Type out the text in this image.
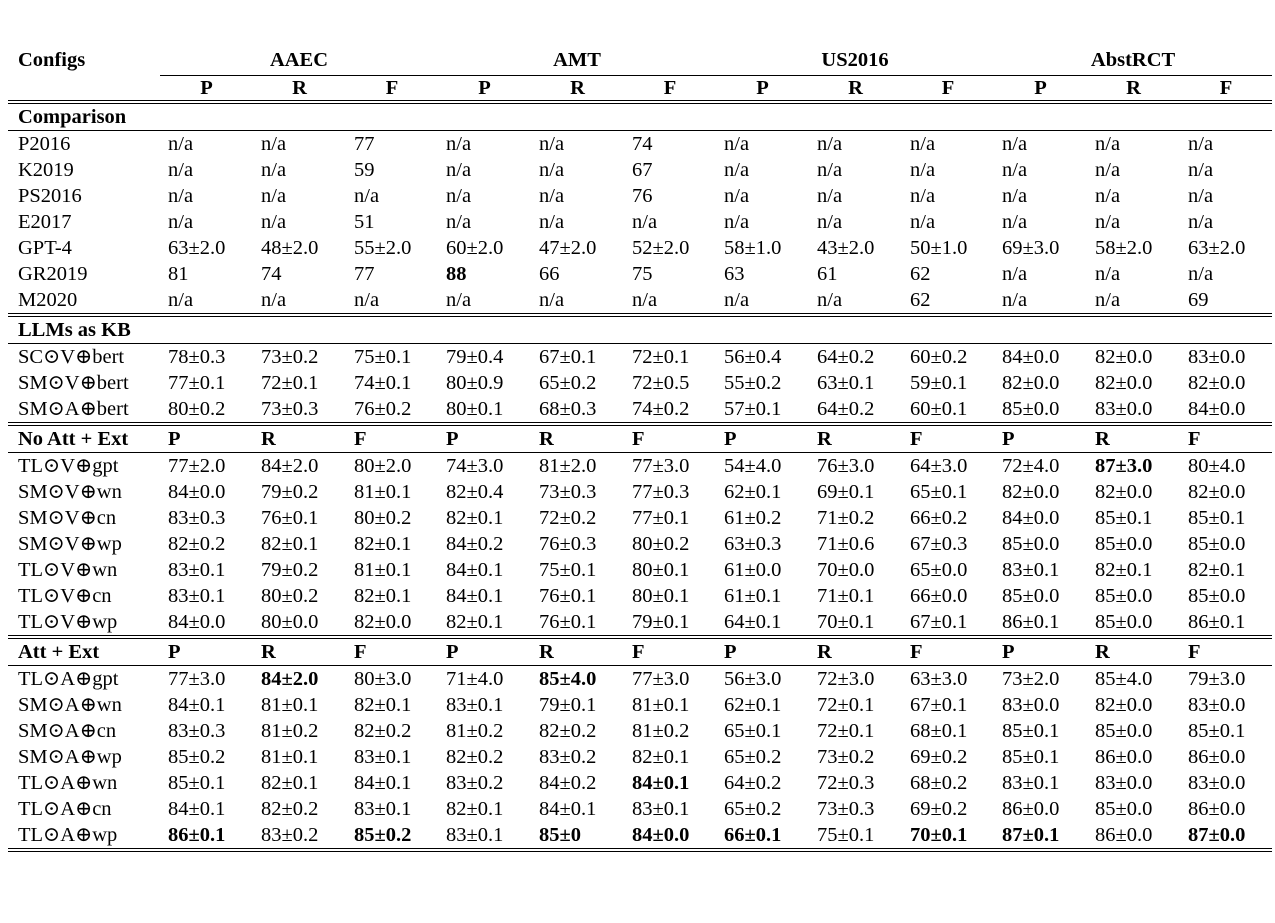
Configs	AAEC			AMT			US2016			AbstRCT		
	P	R	F	P	R	F	P	R	F	P	R	F
Comparison												
P2016	n/a	n/a	77	n/a	n/a	74	n/a	n/a	n/a	n/a	n/a	n/a
K2019	n/a	n/a	59	n/a	n/a	67	n/a	n/a	n/a	n/a	n/a	n/a
PS2016	n/a	n/a	n/a	n/a	n/a	76	n/a	n/a	n/a	n/a	n/a	n/a
E2017	n/a	n/a	51	n/a	n/a	n/a	n/a	n/a	n/a	n/a	n/a	n/a
GPT-4	63±2.0	48±2.0	55±2.0	60±2.0	47±2.0	52±2.0	58±1.0	43±2.0	50±1.0	69±3.0	58±2.0	63±2.0
GR2019	81	74	77	88	66	75	63	61	62	n/a	n/a	n/a
M2020	n/a	n/a	n/a	n/a	n/a	n/a	n/a	n/a	62	n/a	n/a	69
LLMs as KB												
SC⊙V⊕bert	78±0.3	73±0.2	75±0.1	79±0.4	67±0.1	72±0.1	56±0.4	64±0.2	60±0.2	84±0.0	82±0.0	83±0.0
SM⊙V⊕bert	77±0.1	72±0.1	74±0.1	80±0.9	65±0.2	72±0.5	55±0.2	63±0.1	59±0.1	82±0.0	82±0.0	82±0.0
SM⊙A⊕bert	80±0.2	73±0.3	76±0.2	80±0.1	68±0.3	74±0.2	57±0.1	64±0.2	60±0.1	85±0.0	83±0.0	84±0.0
No Att + Ext	P	R	F	P	R	F	P	R	F	P	R	F
TL⊙V⊕gpt	77±2.0	84±2.0	80±2.0	74±3.0	81±2.0	77±3.0	54±4.0	76±3.0	64±3.0	72±4.0	87±3.0	80±4.0
SM⊙V⊕wn	84±0.0	79±0.2	81±0.1	82±0.4	73±0.3	77±0.3	62±0.1	69±0.1	65±0.1	82±0.0	82±0.0	82±0.0
SM⊙V⊕cn	83±0.3	76±0.1	80±0.2	82±0.1	72±0.2	77±0.1	61±0.2	71±0.2	66±0.2	84±0.0	85±0.1	85±0.1
SM⊙V⊕wp	82±0.2	82±0.1	82±0.1	84±0.2	76±0.3	80±0.2	63±0.3	71±0.6	67±0.3	85±0.0	85±0.0	85±0.0
TL⊙V⊕wn	83±0.1	79±0.2	81±0.1	84±0.1	75±0.1	80±0.1	61±0.0	70±0.0	65±0.0	83±0.1	82±0.1	82±0.1
TL⊙V⊕cn	83±0.1	80±0.2	82±0.1	84±0.1	76±0.1	80±0.1	61±0.1	71±0.1	66±0.0	85±0.0	85±0.0	85±0.0
TL⊙V⊕wp	84±0.0	80±0.0	82±0.0	82±0.1	76±0.1	79±0.1	64±0.1	70±0.1	67±0.1	86±0.1	85±0.0	86±0.1
Att + Ext	P	R	F	P	R	F	P	R	F	P	R	F
TL⊙A⊕gpt	77±3.0	84±2.0	80±3.0	71±4.0	85±4.0	77±3.0	56±3.0	72±3.0	63±3.0	73±2.0	85±4.0	79±3.0
SM⊙A⊕wn	84±0.1	81±0.1	82±0.1	83±0.1	79±0.1	81±0.1	62±0.1	72±0.1	67±0.1	83±0.0	82±0.0	83±0.0
SM⊙A⊕cn	83±0.3	81±0.2	82±0.2	81±0.2	82±0.2	81±0.2	65±0.1	72±0.1	68±0.1	85±0.1	85±0.0	85±0.1
SM⊙A⊕wp	85±0.2	81±0.1	83±0.1	82±0.2	83±0.2	82±0.1	65±0.2	73±0.2	69±0.2	85±0.1	86±0.0	86±0.0
TL⊙A⊕wn	85±0.1	82±0.1	84±0.1	83±0.2	84±0.2	84±0.1	64±0.2	72±0.3	68±0.2	83±0.1	83±0.0	83±0.0
TL⊙A⊕cn	84±0.1	82±0.2	83±0.1	82±0.1	84±0.1	83±0.1	65±0.2	73±0.3	69±0.2	86±0.0	85±0.0	86±0.0
TL⊙A⊕wp	86±0.1	83±0.2	85±0.2	83±0.1	85±0	84±0.0	66±0.1	75±0.1	70±0.1	87±0.1	86±0.0	87±0.0
